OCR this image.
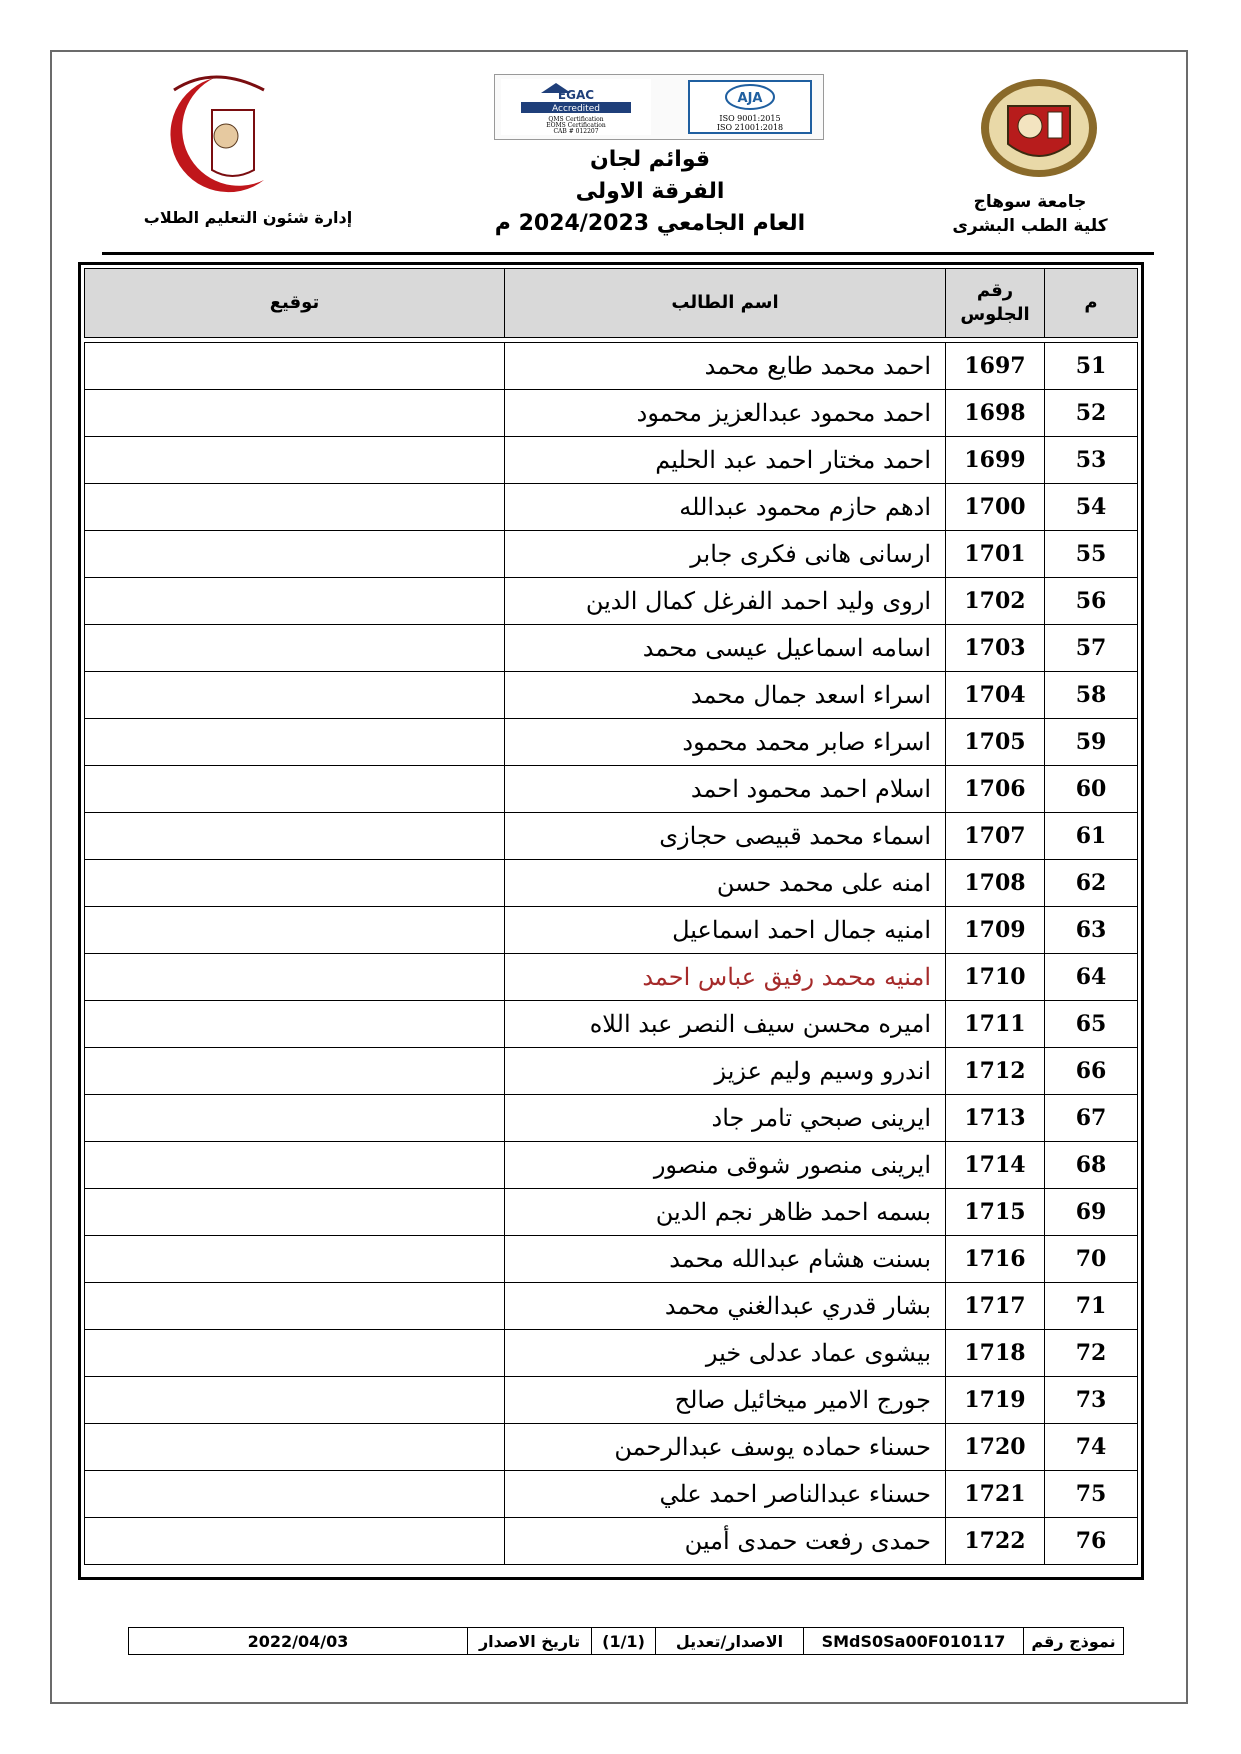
جامعة سوهاج
كلية الطب البشرى
EGAC
Accredited
QMS Certification
EOMS Certification
CAB # 012207
AJA
ISO 9001:2015
ISO 21001:2018
قوائم لجان
الفرقة الاولى
العام الجامعي 2024/2023 م
إدارة شئون التعليم الطلاب
م	رقم الجلوس	اسم الطالب	توقيع

51	1697	احمد محمد طايع محمد	
52	1698	احمد محمود عبدالعزيز محمود	
53	1699	احمد مختار احمد عبد الحليم	
54	1700	ادهم حازم محمود عبدالله	
55	1701	ارسانى هانى فكرى جابر	
56	1702	اروى وليد احمد الفرغل كمال الدين	
57	1703	اسامه اسماعيل عيسى محمد	
58	1704	اسراء اسعد جمال محمد	
59	1705	اسراء صابر محمد محمود	
60	1706	اسلام احمد محمود احمد	
61	1707	اسماء محمد قبيصى حجازى	
62	1708	امنه على محمد حسن	
63	1709	امنيه جمال احمد اسماعيل	
64	1710	امنيه محمد رفيق عباس احمد	
65	1711	اميره محسن سيف النصر عبد اللاه	
66	1712	اندرو وسيم وليم عزيز	
67	1713	ايرينى صبحي تامر جاد	
68	1714	ايرينى منصور شوقى منصور	
69	1715	بسمه احمد ظاهر نجم الدين	
70	1716	بسنت هشام عبدالله محمد	
71	1717	بشار قدري عبدالغني محمد	
72	1718	بيشوى عماد عدلى خير	
73	1719	جورج الامير ميخائيل صالح	
74	1720	حسناء حماده يوسف عبدالرحمن	
75	1721	حسناء عبدالناصر احمد علي	
76	1722	حمدى رفعت حمدى أمين	
نموذج رقم
SMdS0Sa00F010117
الاصدار/تعديل
(1/1)
تاريخ الاصدار
2022/04/03
